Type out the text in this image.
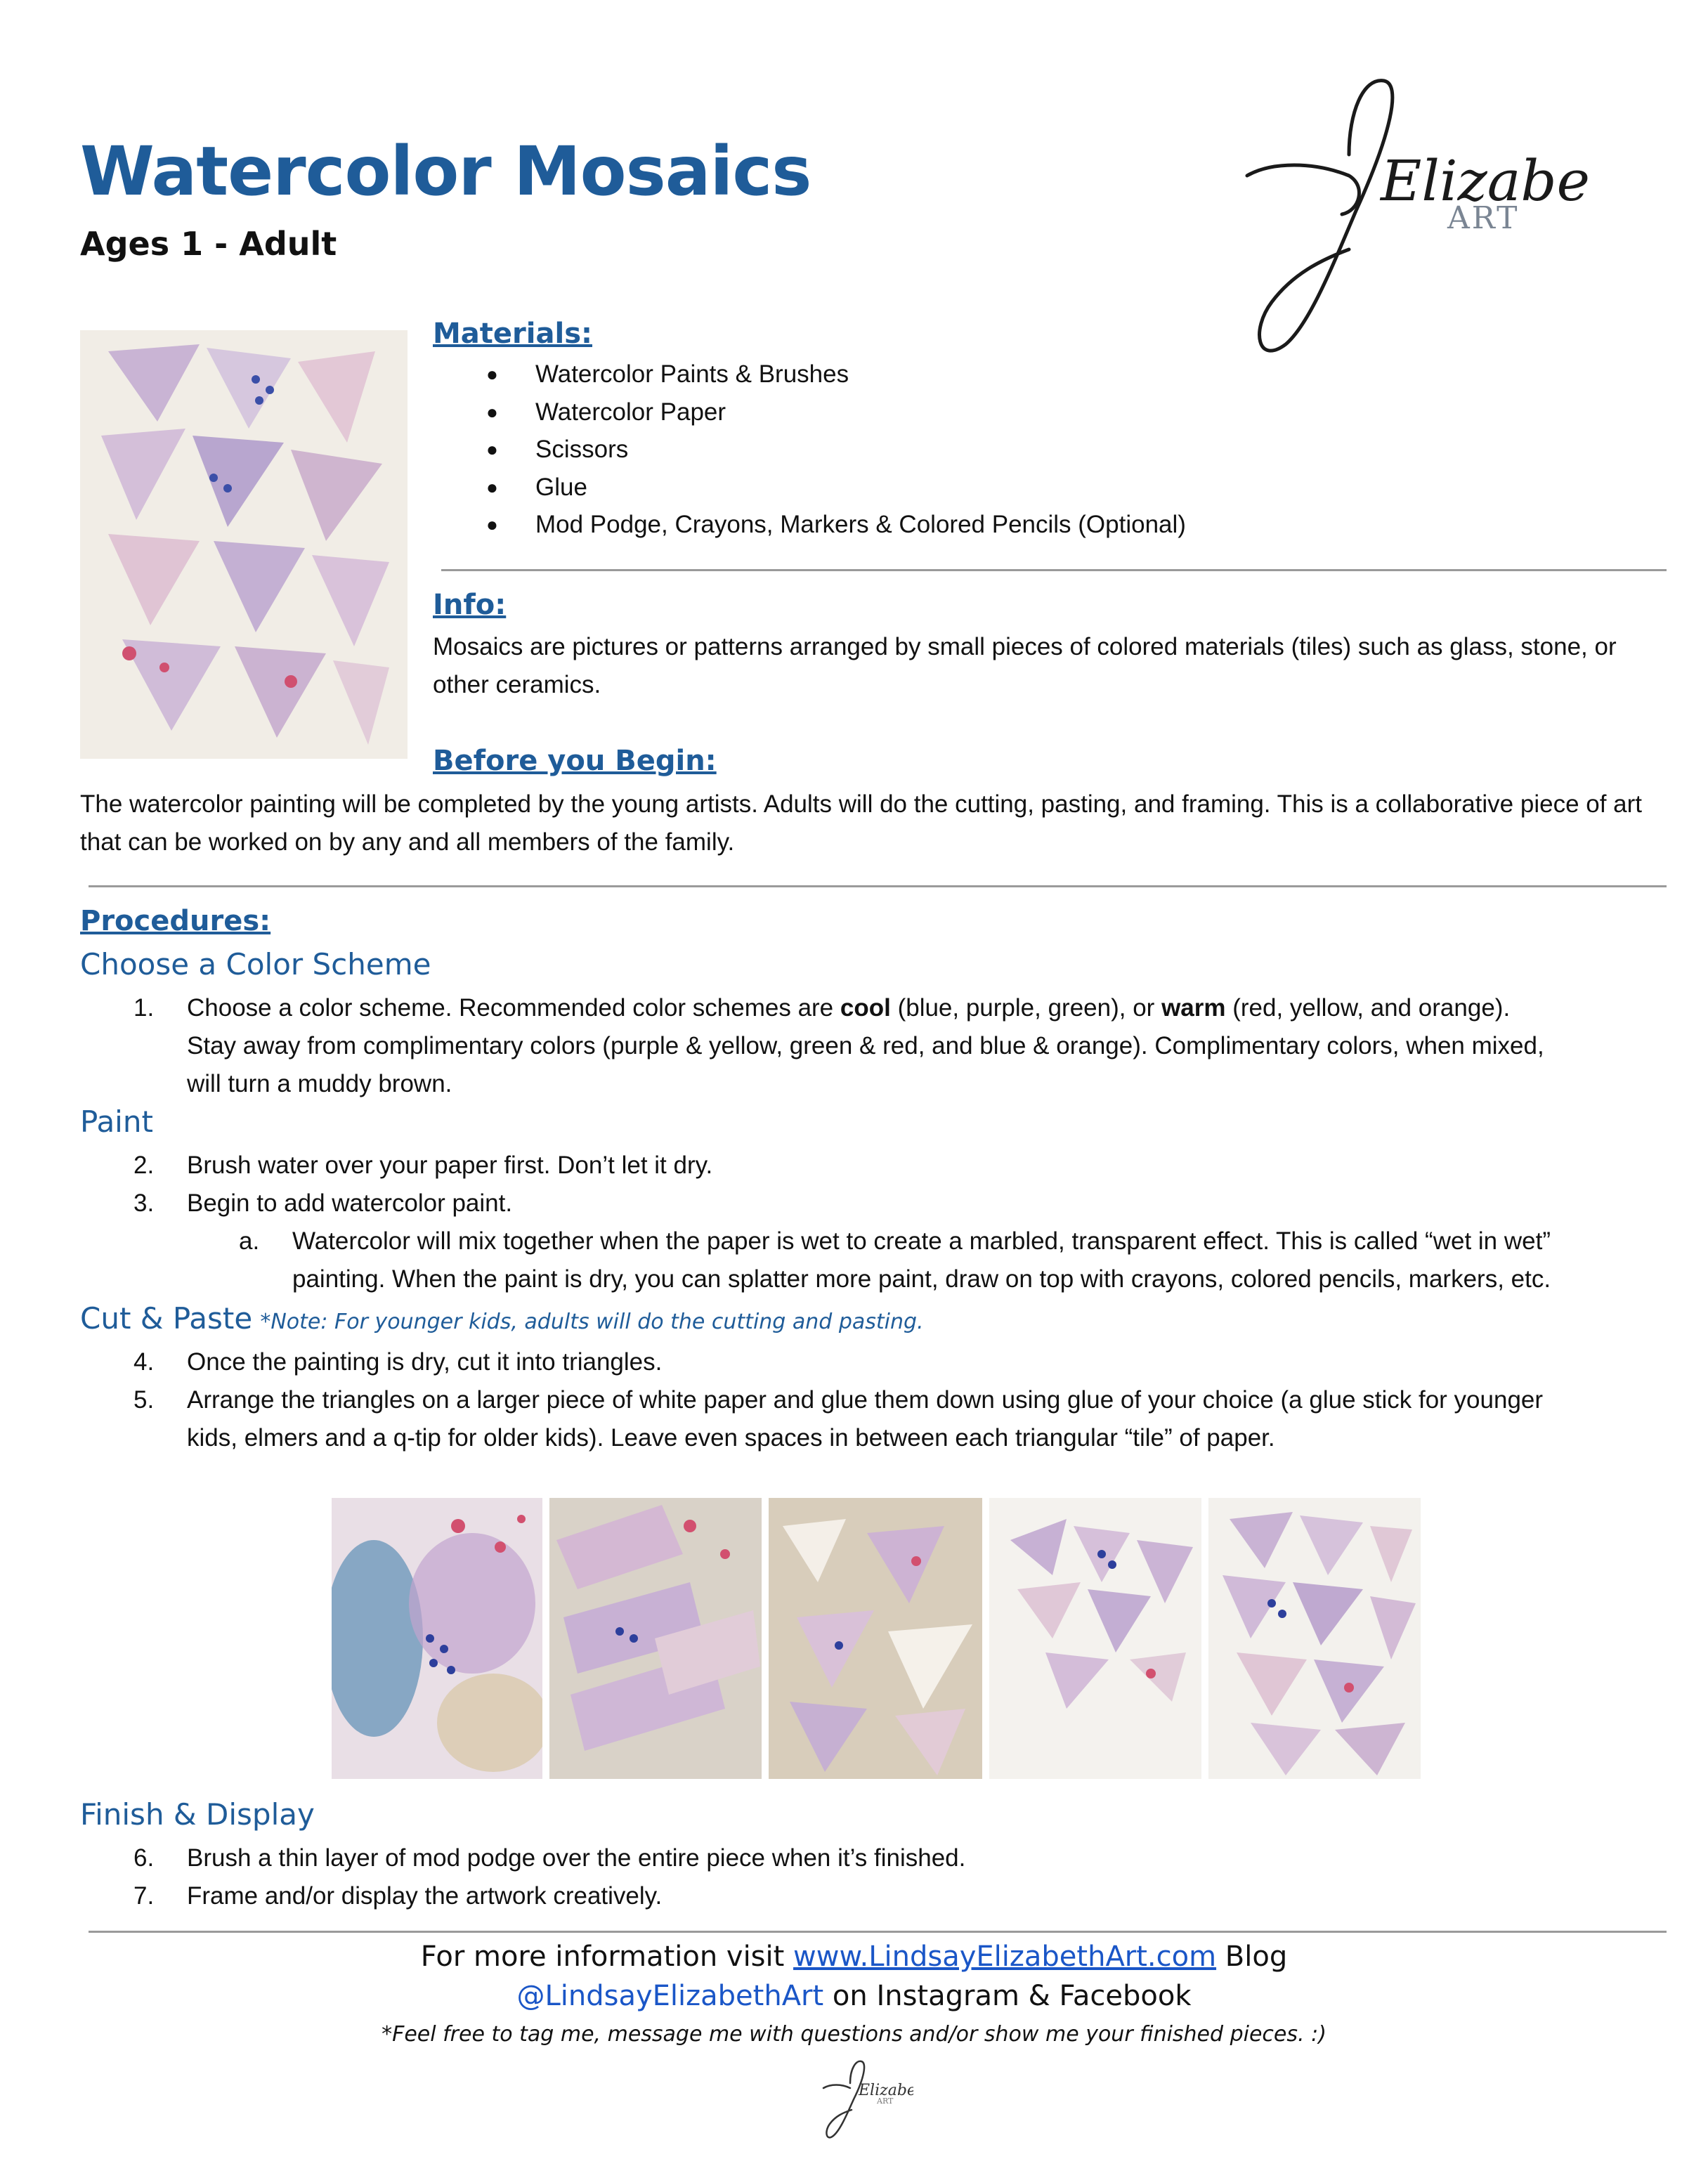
Watercolor Mosaics
Ages 1 - Adult
Elizabe
ART
Materials:
● Watercolor Paints & Brushes
● Watercolor Paper
● Scissors
● Glue
● Mod Podge, Crayons, Markers & Colored Pencils (Optional)
Info:
Mosaics are pictures or patterns arranged by small pieces of colored materials (tiles) such as glass, stone, or other ceramics.
Before you Begin:
The watercolor painting will be completed by the young artists. Adults will do the cutting, pasting, and framing. This is a collaborative piece of art that can be worked on by any and all members of the family.
Procedures:
Choose a Color Scheme
1. Choose a color scheme. Recommended color schemes are cool (blue, purple, green), or warm (red, yellow, and orange).
Stay away from complimentary colors (purple & yellow, green & red, and blue & orange). Complimentary colors, when mixed,
will turn a muddy brown.
Paint
2. Brush water over your paper first. Don’t let it dry.
3. Begin to add watercolor paint.
a. Watercolor will mix together when the paper is wet to create a marbled, transparent effect. This is called “wet in wet”
painting. When the paint is dry, you can splatter more paint, draw on top with crayons, colored pencils, markers, etc.
Cut & Paste *Note: For younger kids, adults will do the cutting and pasting.
4. Once the painting is dry, cut it into triangles.
5. Arrange the triangles on a larger piece of white paper and glue them down using glue of your choice (a glue stick for younger
kids, elmers and a q-tip for older kids). Leave even spaces in between each triangular “tile” of paper.
Finish & Display
6. Brush a thin layer of mod podge over the entire piece when it’s finished.
7. Frame and/or display the artwork creatively.
For more information visit www.LindsayElizabethArt.com Blog
@LindsayElizabethArt on Instagram & Facebook
*Feel free to tag me, message me with questions and/or show me your finished pieces. :)
Elizab
ART
